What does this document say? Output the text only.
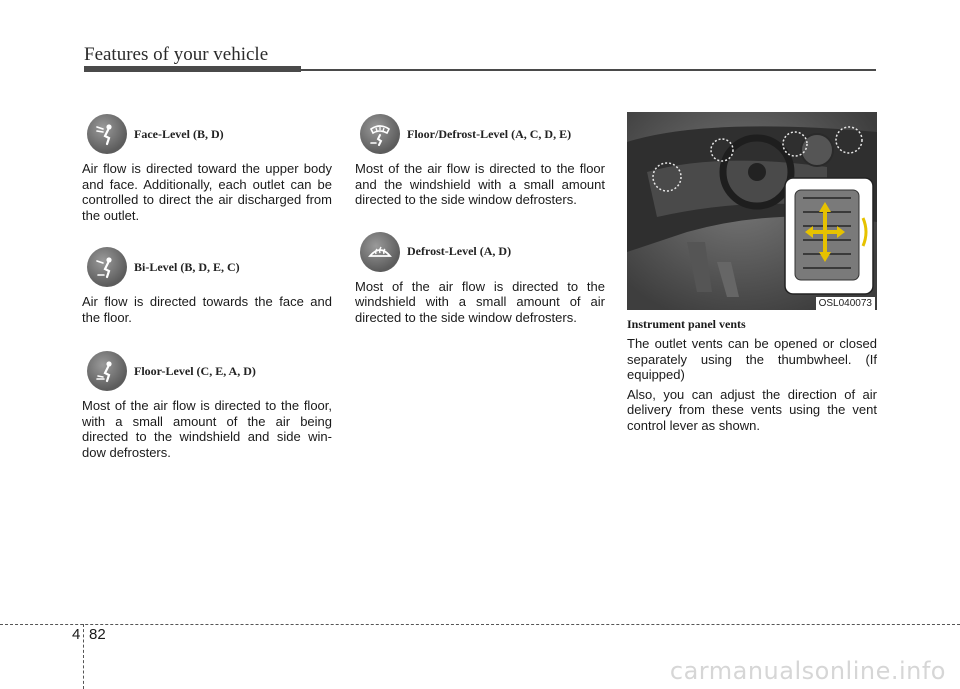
Features of your vehicle
Face-Level (B, D)

Air flow is directed toward the upper body and face. Additionally, each outlet can be controlled to direct the air discharged from the outlet.

Bi-Level (B, D, E, C)

Air flow is directed towards the face and the floor.

Floor-Level (C, E, A, D)

Most of the air flow is directed to the floor, with a small amount of the air being directed to the windshield and side win-dow defrosters.

Floor/Defrost-Level (A, C, D, E)

Most of the air flow is directed to the floor and the windshield with a small amount directed to the side window defrosters.

Defrost-Level (A, D)

Most of the air flow is directed to the windshield with a small amount of air directed to the side window defrosters.

OSL040073
Instrument panel vents

The outlet vents can be opened or closed separately using the thumbwheel. (If equipped)

Also, you can adjust the direction of air delivery from these vents using the vent control lever as shown.

4 82
carmanualsonline.info
